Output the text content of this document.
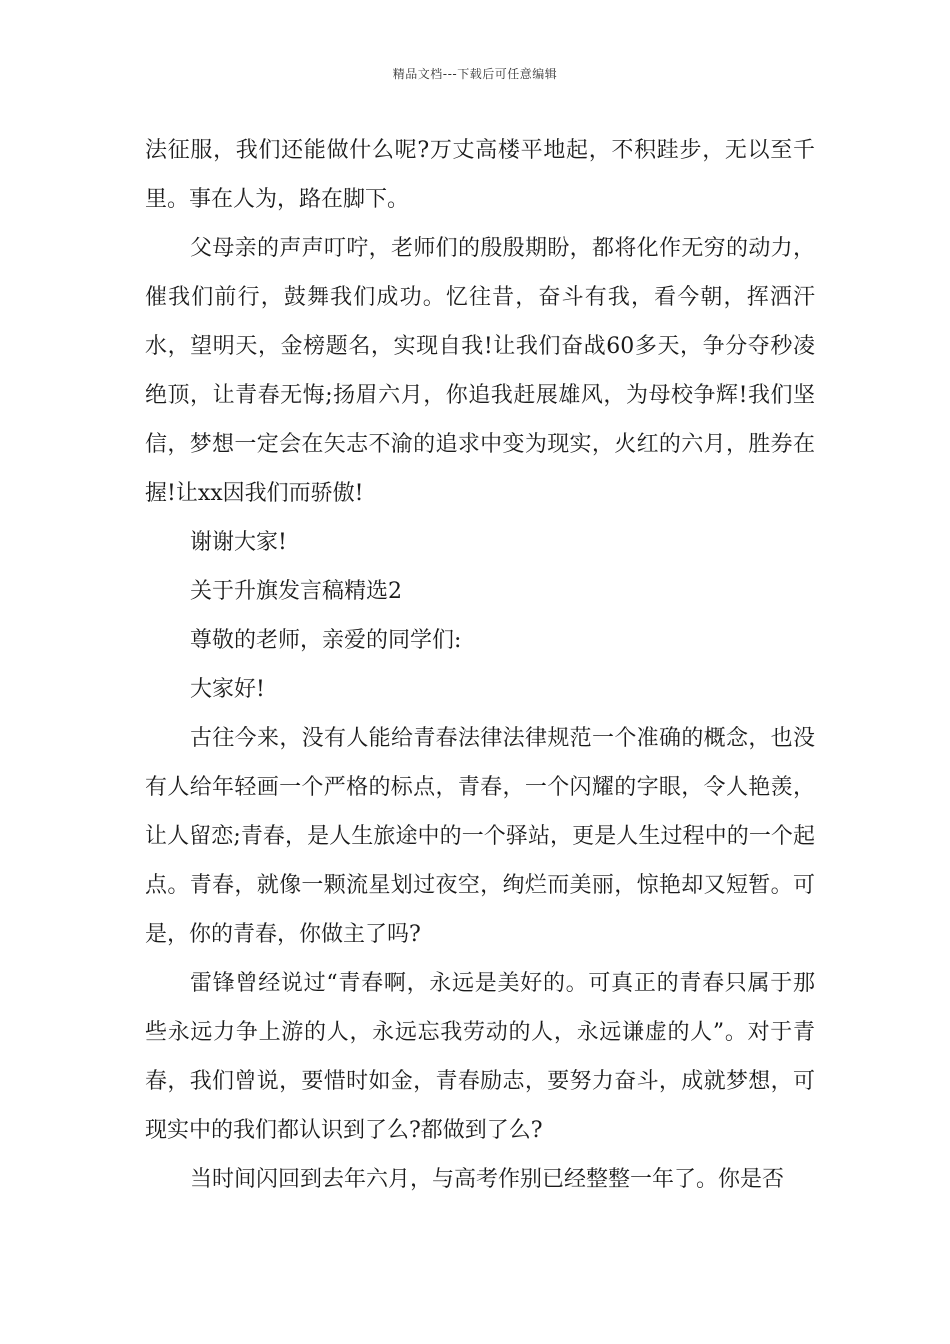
精品文档---下载后可任意编辑

法征服，我们还能做什么呢?万丈高楼平地起，不积跬步，无以至千里。事在人为，路在脚下。

父母亲的声声叮咛，老师们的殷殷期盼，都将化作无穷的动力，催我们前行，鼓舞我们成功。忆往昔，奋斗有我，看今朝，挥洒汗水，望明天，金榜题名，实现自我!让我们奋战60多天，争分夺秒凌绝顶，让青春无悔;扬眉六月，你追我赶展雄风，为母校争辉!我们坚信，梦想一定会在矢志不渝的追求中变为现实，火红的六月，胜券在握!让xx因我们而骄傲!

谢谢大家!

关于升旗发言稿精选2

尊敬的老师，亲爱的同学们:

大家好!

古往今来，没有人能给青春法律法律规范一个准确的概念，也没有人给年轻画一个严格的标点，青春，一个闪耀的字眼，令人艳羡，让人留恋;青春，是人生旅途中的一个驿站，更是人生过程中的一个起点。青春，就像一颗流星划过夜空，绚烂而美丽，惊艳却又短暂。可是，你的青春，你做主了吗?

雷锋曾经说过“青春啊，永远是美好的。可真正的青春只属于那些永远力争上游的人，永远忘我劳动的人，永远谦虚的人”。对于青春，我们曾说，要惜时如金，青春励志，要努力奋斗，成就梦想，可现实中的我们都认识到了么?都做到了么?

当时间闪回到去年六月，与高考作别已经整整一年了。你是否
